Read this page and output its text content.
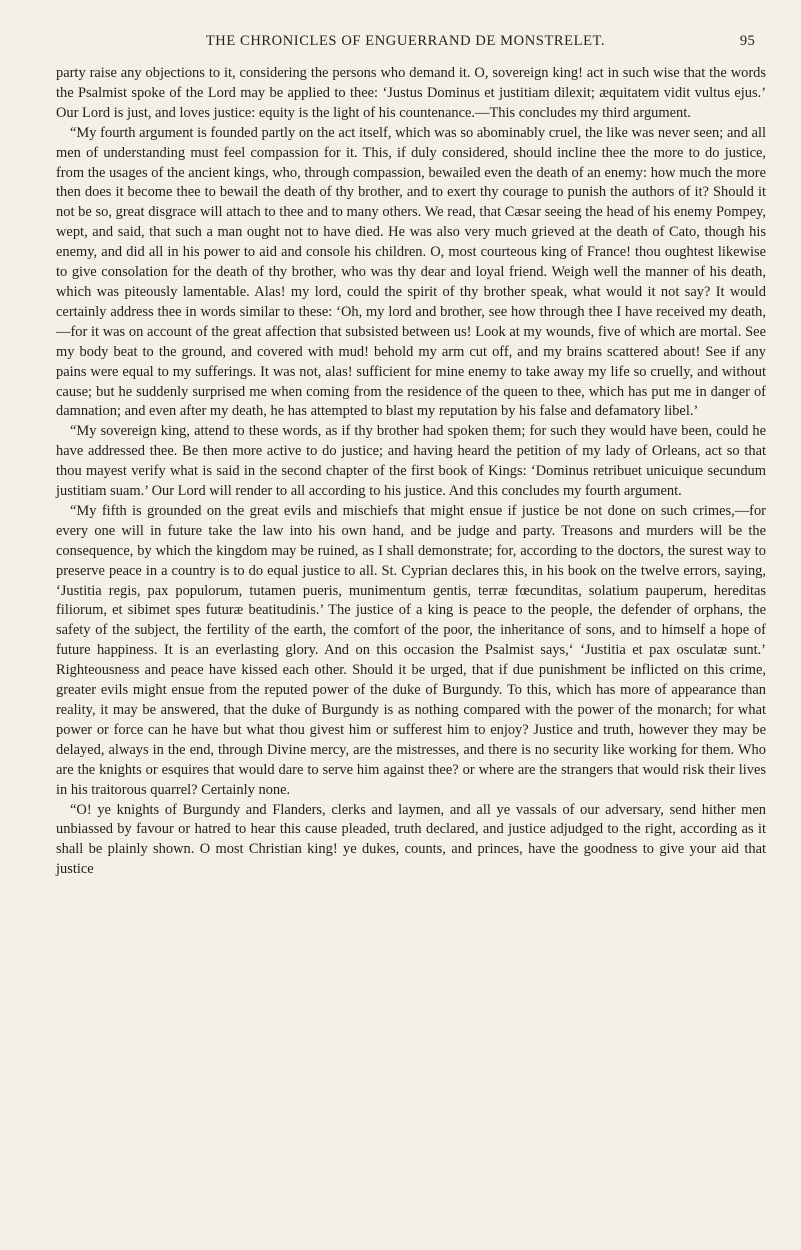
THE CHRONICLES OF ENGUERRAND DE MONSTRELET.	95

party raise any objections to it, considering the persons who demand it. O, sovereign king! act in such wise that the words the Psalmist spoke of the Lord may be applied to thee: ‘Justus Dominus et justitiam dilexit; æquitatem vidit vultus ejus.’ Our Lord is just, and loves justice: equity is the light of his countenance.—This concludes my third argument.

“My fourth argument is founded partly on the act itself, which was so abominably cruel, the like was never seen; and all men of understanding must feel compassion for it. This, if duly considered, should incline thee the more to do justice, from the usages of the ancient kings, who, through compassion, bewailed even the death of an enemy: how much the more then does it become thee to bewail the death of thy brother, and to exert thy courage to punish the authors of it? Should it not be so, great disgrace will attach to thee and to many others. We read, that Cæsar seeing the head of his enemy Pompey, wept, and said, that such a man ought not to have died. He was also very much grieved at the death of Cato, though his enemy, and did all in his power to aid and console his children. O, most courteous king of France! thou oughtest likewise to give consolation for the death of thy brother, who was thy dear and loyal friend. Weigh well the manner of his death, which was piteously lamentable. Alas! my lord, could the spirit of thy brother speak, what would it not say? It would certainly address thee in words similar to these: ‘Oh, my lord and brother, see how through thee I have received my death,—for it was on account of the great affection that subsisted between us! Look at my wounds, five of which are mortal. See my body beat to the ground, and covered with mud! behold my arm cut off, and my brains scattered about! See if any pains were equal to my sufferings. It was not, alas! sufficient for mine enemy to take away my life so cruelly, and without cause; but he suddenly surprised me when coming from the residence of the queen to thee, which has put me in danger of damnation; and even after my death, he has attempted to blast my reputation by his false and defamatory libel.’

“My sovereign king, attend to these words, as if thy brother had spoken them; for such they would have been, could he have addressed thee. Be then more active to do justice; and having heard the petition of my lady of Orleans, act so that thou mayest verify what is said in the second chapter of the first book of Kings: ‘Dominus retribuet unicuique secundum justitiam suam.’ Our Lord will render to all according to his justice. And this concludes my fourth argument.

“My fifth is grounded on the great evils and mischiefs that might ensue if justice be not done on such crimes,—for every one will in future take the law into his own hand, and be judge and party. Treasons and murders will be the consequence, by which the kingdom may be ruined, as I shall demonstrate; for, according to the doctors, the surest way to preserve peace in a country is to do equal justice to all. St. Cyprian declares this, in his book on the twelve errors, saying, ‘Justitia regis, pax populorum, tutamen pueris, munimentum gentis, terræ fœcunditas, solatium pauperum, hereditas filiorum, et sibimet spes futuræ beatitudinis.’ The justice of a king is peace to the people, the defender of orphans, the safety of the subject, the fertility of the earth, the comfort of the poor, the inheritance of sons, and to himself a hope of future happiness. It is an everlasting glory. And on this occasion the Psalmist says,‘ ‘Justitia et pax osculatæ sunt.’ Righteousness and peace have kissed each other. Should it be urged, that if due punishment be inflicted on this crime, greater evils might ensue from the reputed power of the duke of Burgundy. To this, which has more of appearance than reality, it may be answered, that the duke of Burgundy is as nothing compared with the power of the monarch; for what power or force can he have but what thou givest him or sufferest him to enjoy? Justice and truth, however they may be delayed, always in the end, through Divine mercy, are the mistresses, and there is no security like working for them. Who are the knights or esquires that would dare to serve him against thee? or where are the strangers that would risk their lives in his traitorous quarrel? Certainly none.

“O! ye knights of Burgundy and Flanders, clerks and laymen, and all ye vassals of our adversary, send hither men unbiassed by favour or hatred to hear this cause pleaded, truth declared, and justice adjudged to the right, according as it shall be plainly shown. O most Christian king! ye dukes, counts, and princes, have the goodness to give your aid that justice
